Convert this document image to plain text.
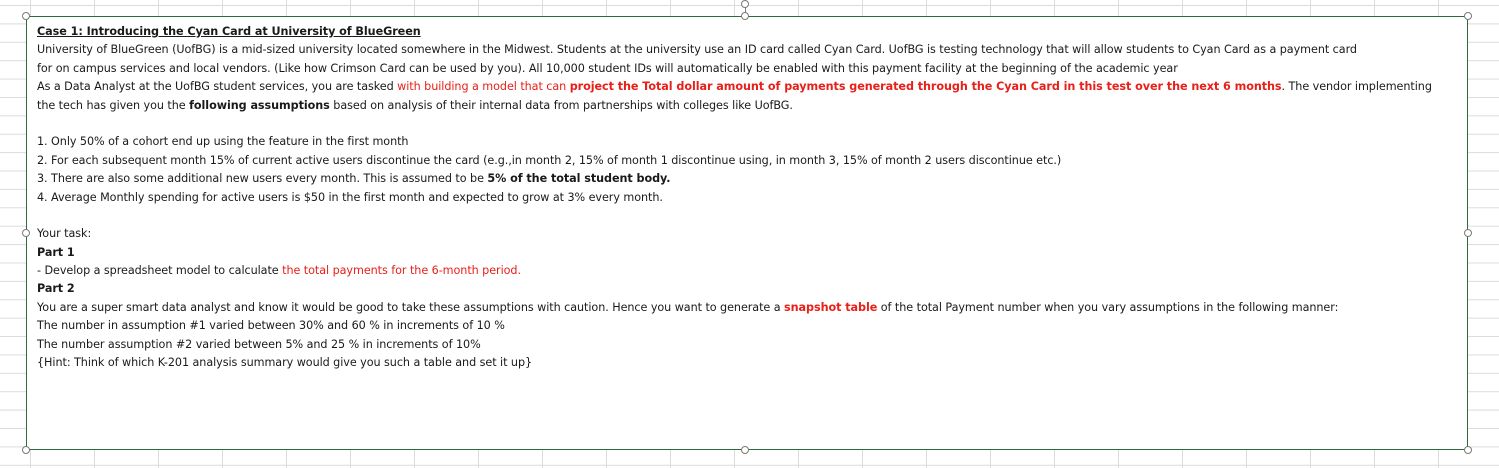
Case 1: Introducing the Cyan Card at University of BlueGreen
University of BlueGreen (UofBG) is a mid-sized university located somewhere in the Midwest. Students at the university use an ID card called Cyan Card. UofBG is testing technology that will allow students to Cyan Card as a payment card
for on campus services and local vendors. (Like how Crimson Card can be used by you). All 10,000 student IDs will automatically be enabled with this payment facility at the beginning of the academic year
As a Data Analyst at the UofBG student services, you are tasked with building a model that can project the Total dollar amount of payments generated through the Cyan Card in this test over the next 6 months. The vendor implementing
the tech has given you the following assumptions based on analysis of their internal data from partnerships with colleges like UofBG.
1. Only 50% of a cohort end up using the feature in the first month
2. For each subsequent month 15% of current active users discontinue the card (e.g.,in month 2, 15% of month 1 discontinue using, in month 3, 15% of month 2 users discontinue etc.)
3. There are also some additional new users every month. This is assumed to be 5% of the total student body.
4. Average Monthly spending for active users is $50 in the first month and expected to grow at 3% every month.
Your task:
Part 1
- Develop a spreadsheet model to calculate the total payments for the 6-month period.
Part 2
You are a super smart data analyst and know it would be good to take these assumptions with caution. Hence you want to generate a snapshot table of the total Payment number when you vary assumptions in the following manner:
The number in assumption #1 varied between 30% and 60 % in increments of 10 %
The number assumption #2 varied between 5% and 25 % in increments of 10%
{Hint: Think of which K-201 analysis summary would give you such a table and set it up}
